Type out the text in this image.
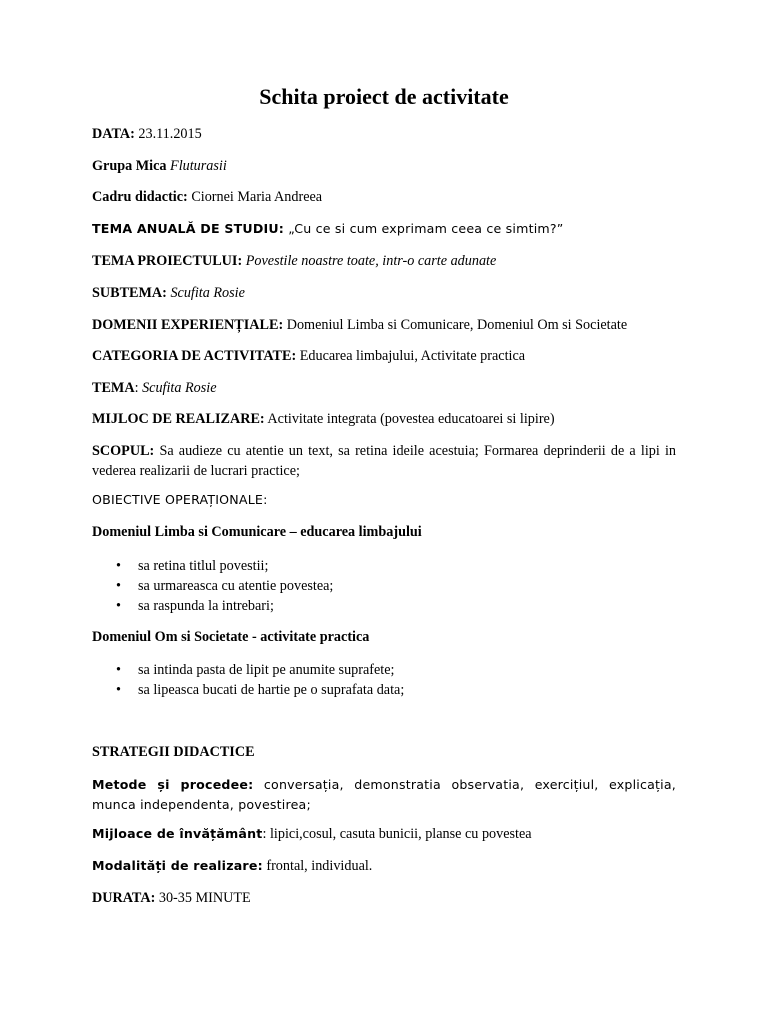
Schita proiect de activitate
DATA: 23.11.2015
Grupa Mica Fluturasii
Cadru didactic: Ciornei Maria Andreea
TEMA ANUALĂ DE STUDIU: „Cu ce si cum exprimam ceea ce simtim?”
TEMA PROIECTULUI: Povestile noastre toate, intr-o carte adunate
SUBTEMA: Scufita Rosie
DOMENII EXPERIENȚIALE: Domeniul Limba si Comunicare, Domeniul Om si Societate
CATEGORIA DE ACTIVITATE: Educarea limbajului, Activitate practica
TEMA: Scufita Rosie
MIJLOC DE REALIZARE: Activitate integrata (povestea educatoarei si lipire)
SCOPUL: Sa audieze cu atentie un text, sa retina ideile acestuia; Formarea deprinderii de a lipi in vederea realizarii de lucrari practice;
OBIECTIVE OPERAȚIONALE:
Domeniul Limba si Comunicare – educarea limbajului
• sa retina titlul povestii;
• sa urmareasca cu atentie povestea;
• sa raspunda la intrebari;
Domeniul Om si Societate - activitate practica
• sa intinda pasta de lipit pe anumite suprafete;
• sa lipeasca bucati de hartie pe o suprafata data;
STRATEGII DIDACTICE
Metode și procedee: conversația, demonstratia observatia, exercițiul, explicația, munca independenta, povestirea;
Mijloace de învățământ: lipici,cosul, casuta bunicii, planse cu povestea
Modalități de realizare: frontal, individual.
DURATA: 30-35 MINUTE
